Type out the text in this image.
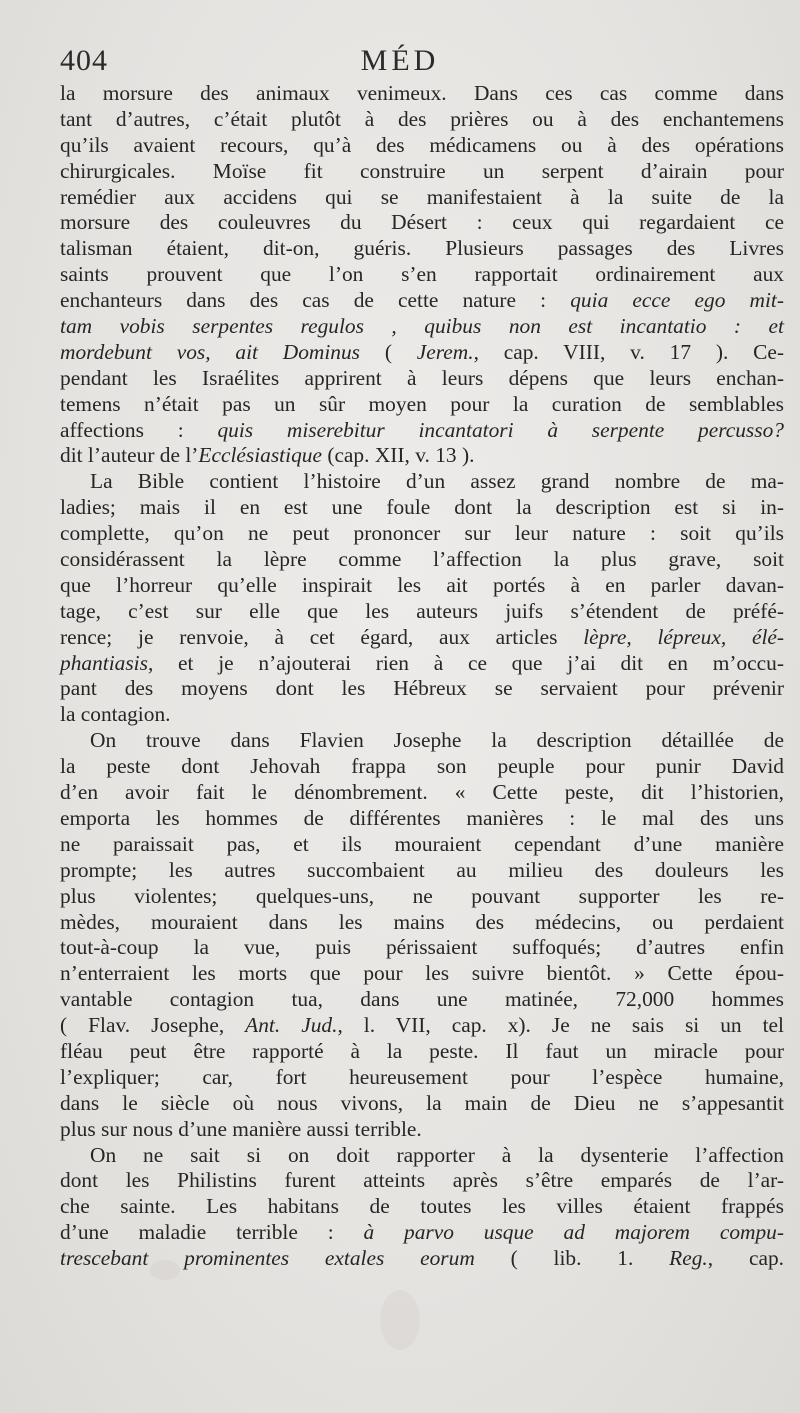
404	MÉD
la morsure des animaux venimeux. Dans ces cas comme dans
tant d’autres, c’était plutôt à des prières ou à des enchantemens
qu’ils avaient recours, qu’à des médicamens ou à des opérations
chirurgicales. Moïse fit construire un serpent d’airain pour
remédier aux accidens qui se manifestaient à la suite de la
morsure des couleuvres du Désert : ceux qui regardaient ce
talisman étaient, dit-on, guéris. Plusieurs passages des Livres
saints prouvent que l’on s’en rapportait ordinairement aux
enchanteurs dans des cas de cette nature : quia ecce ego mit-
tam vobis serpentes regulos , quibus non est incantatio : et
mordebunt vos, ait Dominus ( Jerem., cap. VIII, v. 17 ). Ce-
pendant les Israélites apprirent à leurs dépens que leurs enchan-
temens n’était pas un sûr moyen pour la curation de semblables
affections : quis miserebitur incantatori à serpente percusso?
dit l’auteur de l’Ecclésiastique (cap. XII, v. 13 ).
La Bible contient l’histoire d’un assez grand nombre de ma-
ladies; mais il en est une foule dont la description est si in-
complette, qu’on ne peut prononcer sur leur nature : soit qu’ils
considérassent la lèpre comme l’affection la plus grave, soit
que l’horreur qu’elle inspirait les ait portés à en parler davan-
tage, c’est sur elle que les auteurs juifs s’étendent de préfé-
rence; je renvoie, à cet égard, aux articles lèpre, lépreux, élé-
phantiasis, et je n’ajouterai rien à ce que j’ai dit en m’occu-
pant des moyens dont les Hébreux se servaient pour prévenir
la contagion.
On trouve dans Flavien Josephe la description détaillée de
la peste dont Jehovah frappa son peuple pour punir David
d’en avoir fait le dénombrement. « Cette peste, dit l’historien,
emporta les hommes de différentes manières : le mal des uns
ne paraissait pas, et ils mouraient cependant d’une manière
prompte; les autres succombaient au milieu des douleurs les
plus violentes; quelques-uns, ne pouvant supporter les re-
mèdes, mouraient dans les mains des médecins, ou perdaient
tout-à-coup la vue, puis périssaient suffoqués; d’autres enfin
n’enterraient les morts que pour les suivre bientôt. » Cette épou-
vantable contagion tua, dans une matinée, 72,000 hommes
( Flav. Josephe, Ant. Jud., l. VII, cap. x). Je ne sais si un tel
fléau peut être rapporté à la peste. Il faut un miracle pour
l’expliquer; car, fort heureusement pour l’espèce humaine,
dans le siècle où nous vivons, la main de Dieu ne s’appesantit
plus sur nous d’une manière aussi terrible.
On ne sait si on doit rapporter à la dysenterie l’affection
dont les Philistins furent atteints après s’être emparés de l’ar-
che sainte. Les habitans de toutes les villes étaient frappés
d’une maladie terrible : à parvo usque ad majorem compu-
trescebant prominentes extales eorum ( lib. 1. Reg., cap.
